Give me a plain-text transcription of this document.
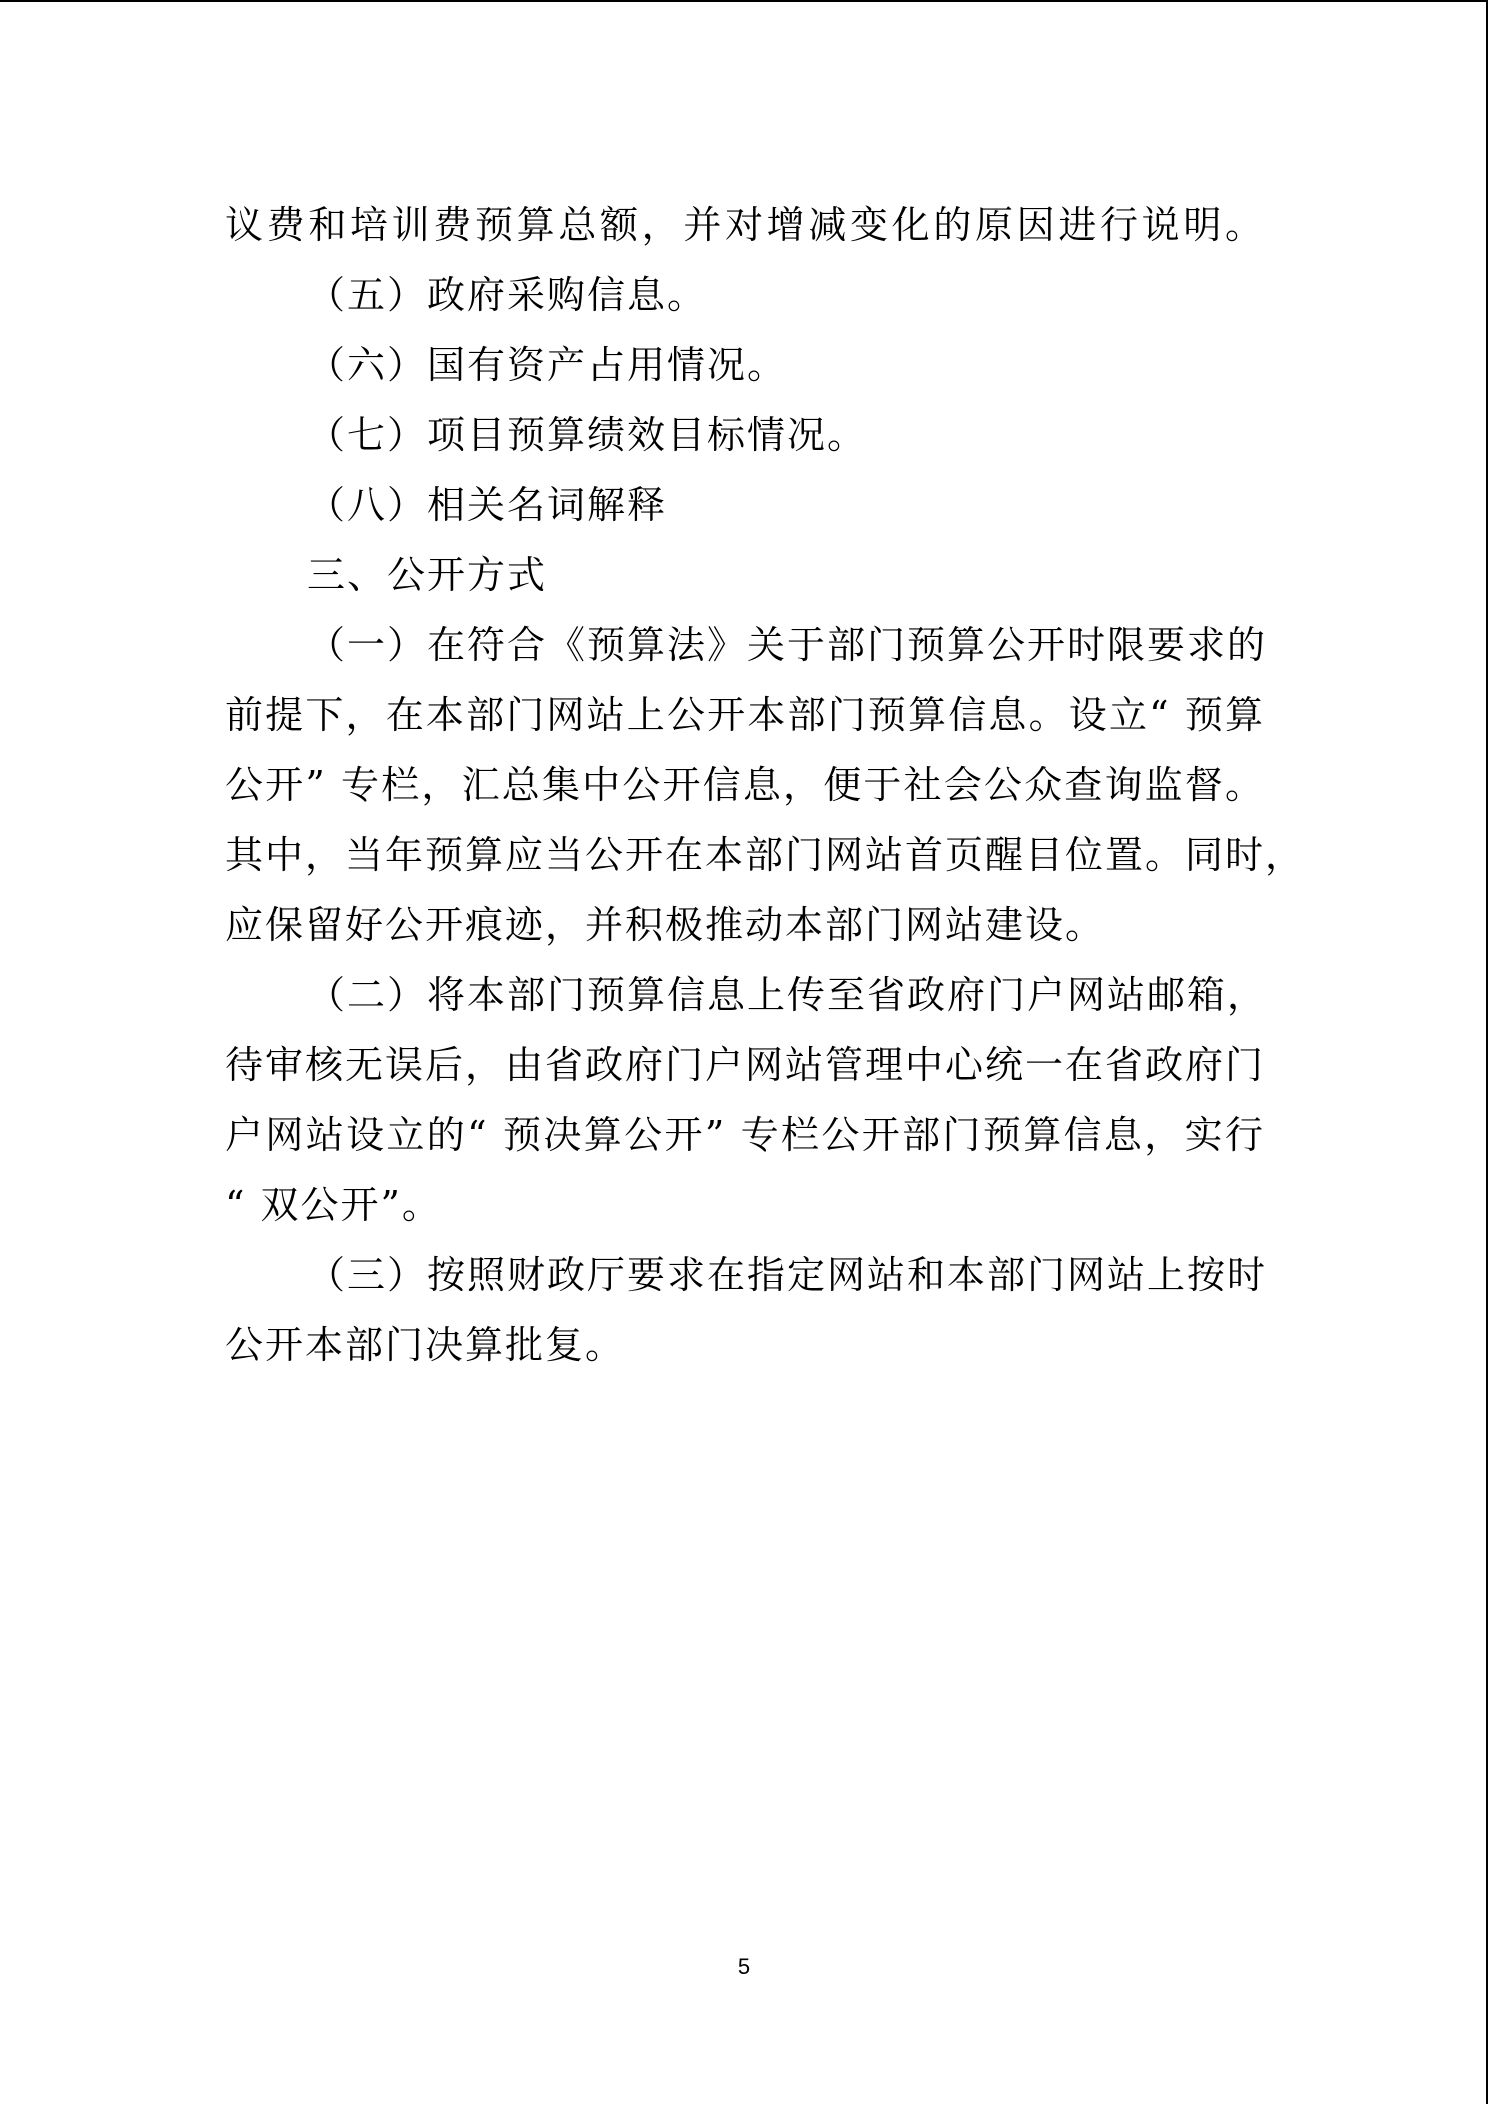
议费和培训费预算总额，并对增减变化的原因进行说明。
（五）政府采购信息。
（六）国有资产占用情况。
（七）项目预算绩效目标情况。
（八）相关名词解释
三、公开方式
（一）在符合《预算法》关于部门预算公开时限要求的
前提下，在本部门网站上公开本部门预算信息。设立“ 预算
公开” 专栏，汇总集中公开信息，便于社会公众查询监督。
其中，当年预算应当公开在本部门网站首页醒目位置。同时，
应保留好公开痕迹，并积极推动本部门网站建设。
（二）将本部门预算信息上传至省政府门户网站邮箱，
待审核无误后，由省政府门户网站管理中心统一在省政府门
户网站设立的“ 预决算公开” 专栏公开部门预算信息，实行
“ 双公开”。
（三）按照财政厅要求在指定网站和本部门网站上按时
公开本部门决算批复。
5
